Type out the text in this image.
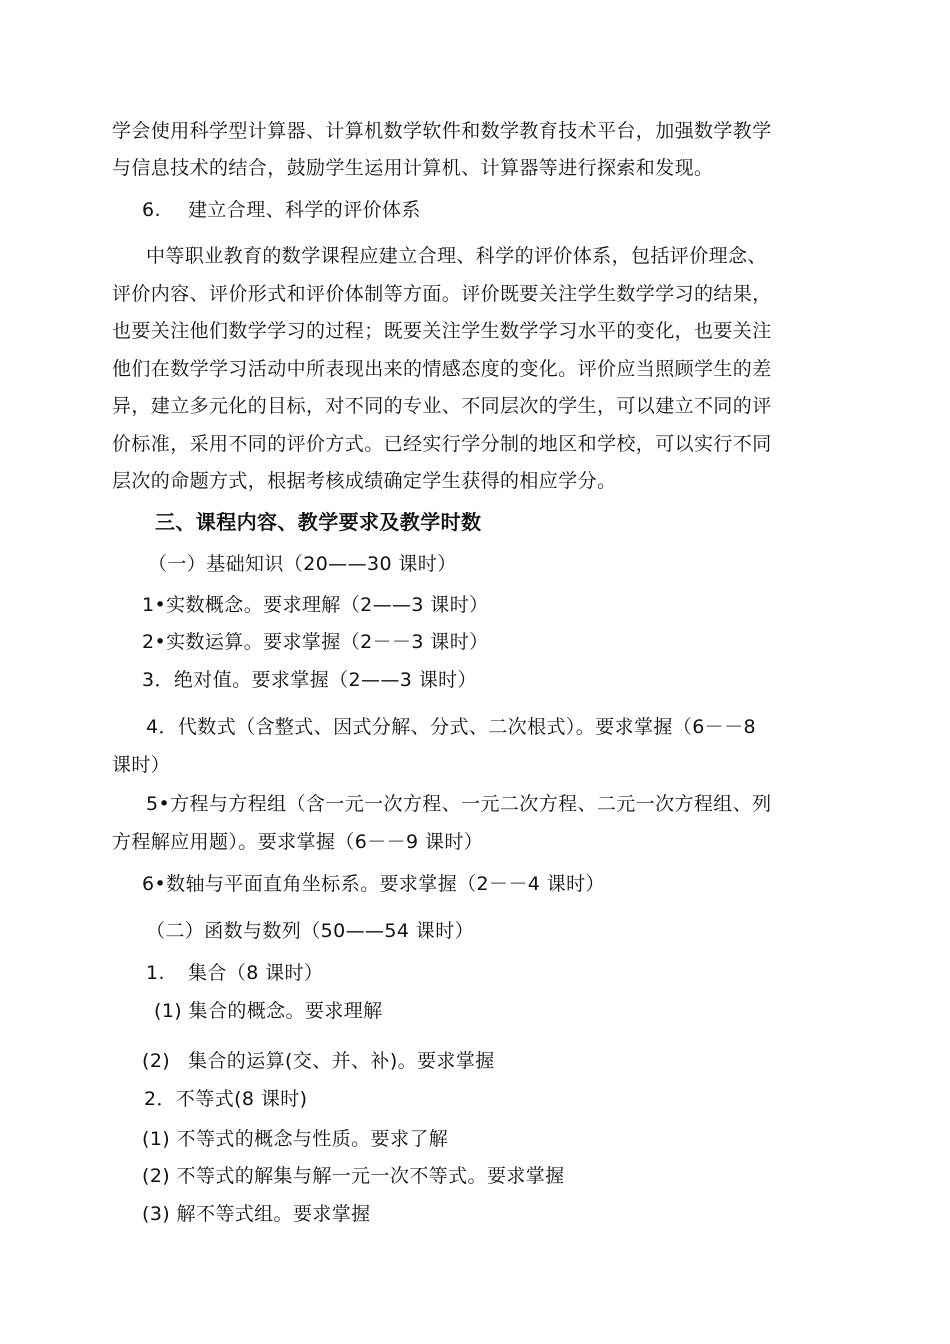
学会使用科学型计算器、计算机数学软件和数学教育技术平台，加强数学教学
与信息技术的结合，鼓励学生运用计算机、计算器等进行探索和发现。
6. 建立合理、科学的评价体系
中等职业教育的数学课程应建立合理、科学的评价体系，包括评价理念、
评价内容、评价形式和评价体制等方面。评价既要关注学生数学学习的结果，
也要关注他们数学学习的过程；既要关注学生数学学习水平的变化，也要关注
他们在数学学习活动中所表现出来的情感态度的变化。评价应当照顾学生的差
异，建立多元化的目标，对不同的专业、不同层次的学生，可以建立不同的评
价标准，采用不同的评价方式。已经实行学分制的地区和学校，可以实行不同
层次的命题方式，根据考核成绩确定学生获得的相应学分。
三、课程内容、教学要求及教学时数
（一）基础知识（20——30 课时）
1•实数概念。要求理解（2——3 课时）
2•实数运算。要求掌握（2－－3 课时）
3．绝对值。要求掌握（2——3 课时）
4．代数式（含整式、因式分解、分式、二次根式）。要求掌握（6－－8
课时）
5•方程与方程组（含一元一次方程、一元二次方程、二元一次方程组、列
方程解应用题）。要求掌握（6－－9 课时）
6•数轴与平面直角坐标系。要求掌握（2－－4 课时）
（二）函数与数列（50——54 课时）
1. 集合（8 课时）
(1) 集合的概念。要求理解
(2) 集合的运算(交、并、补)。要求掌握
2．不等式(8 课时)
(1) 不等式的概念与性质。要求了解
(2) 不等式的解集与解一元一次不等式。要求掌握
(3) 解不等式组。要求掌握
